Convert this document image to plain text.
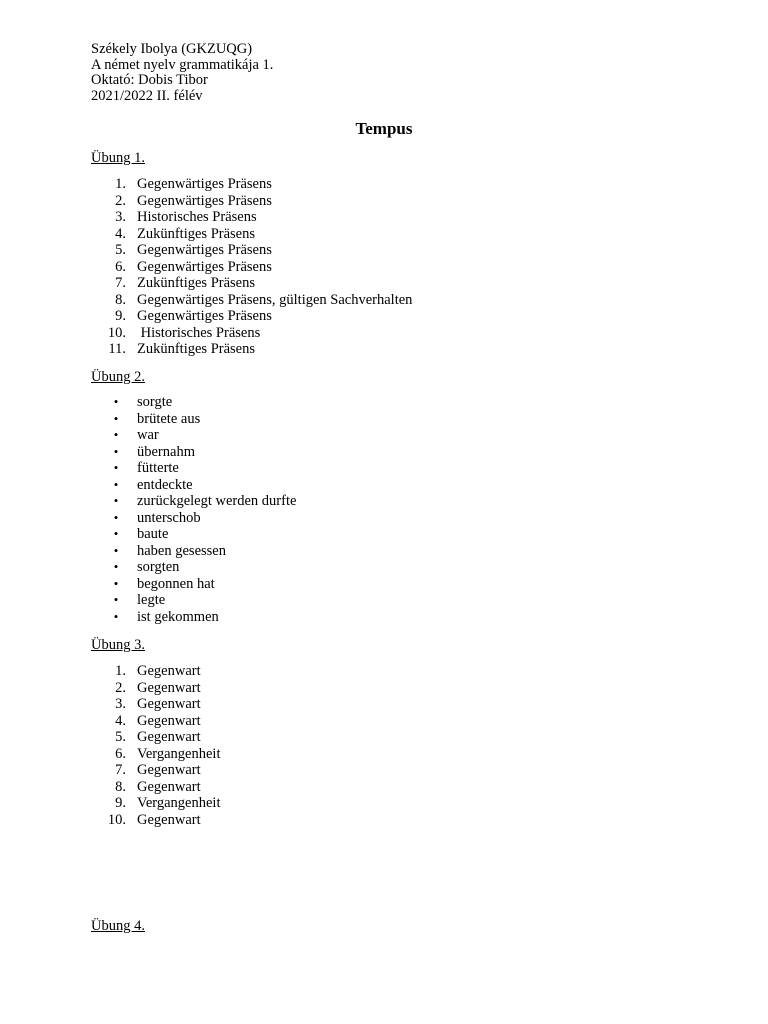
Székely Ibolya (GKZUQG)
A német nyelv grammatikája 1.
Oktató: Dobis Tibor
2021/2022 II. félév
Tempus
Übung 1.
1. Gegenwärtiges Präsens
2. Gegenwärtiges Präsens
3. Historisches Präsens
4. Zukünftiges Präsens
5. Gegenwärtiges Präsens
6. Gegenwärtiges Präsens
7. Zukünftiges Präsens
8. Gegenwärtiges Präsens, gültigen Sachverhalten
9. Gegenwärtiges Präsens
10. Historisches Präsens
11. Zukünftiges Präsens
Übung 2.
• sorgte
• brütete aus
• war
• übernahm
• fütterte
• entdeckte
• zurückgelegt werden durfte
• unterschob
• baute
• haben gesessen
• sorgten
• begonnen hat
• legte
• ist gekommen
Übung 3.
1. Gegenwart
2. Gegenwart
3. Gegenwart
4. Gegenwart
5. Gegenwart
6. Vergangenheit
7. Gegenwart
8. Gegenwart
9. Vergangenheit
10. Gegenwart
Übung 4.
